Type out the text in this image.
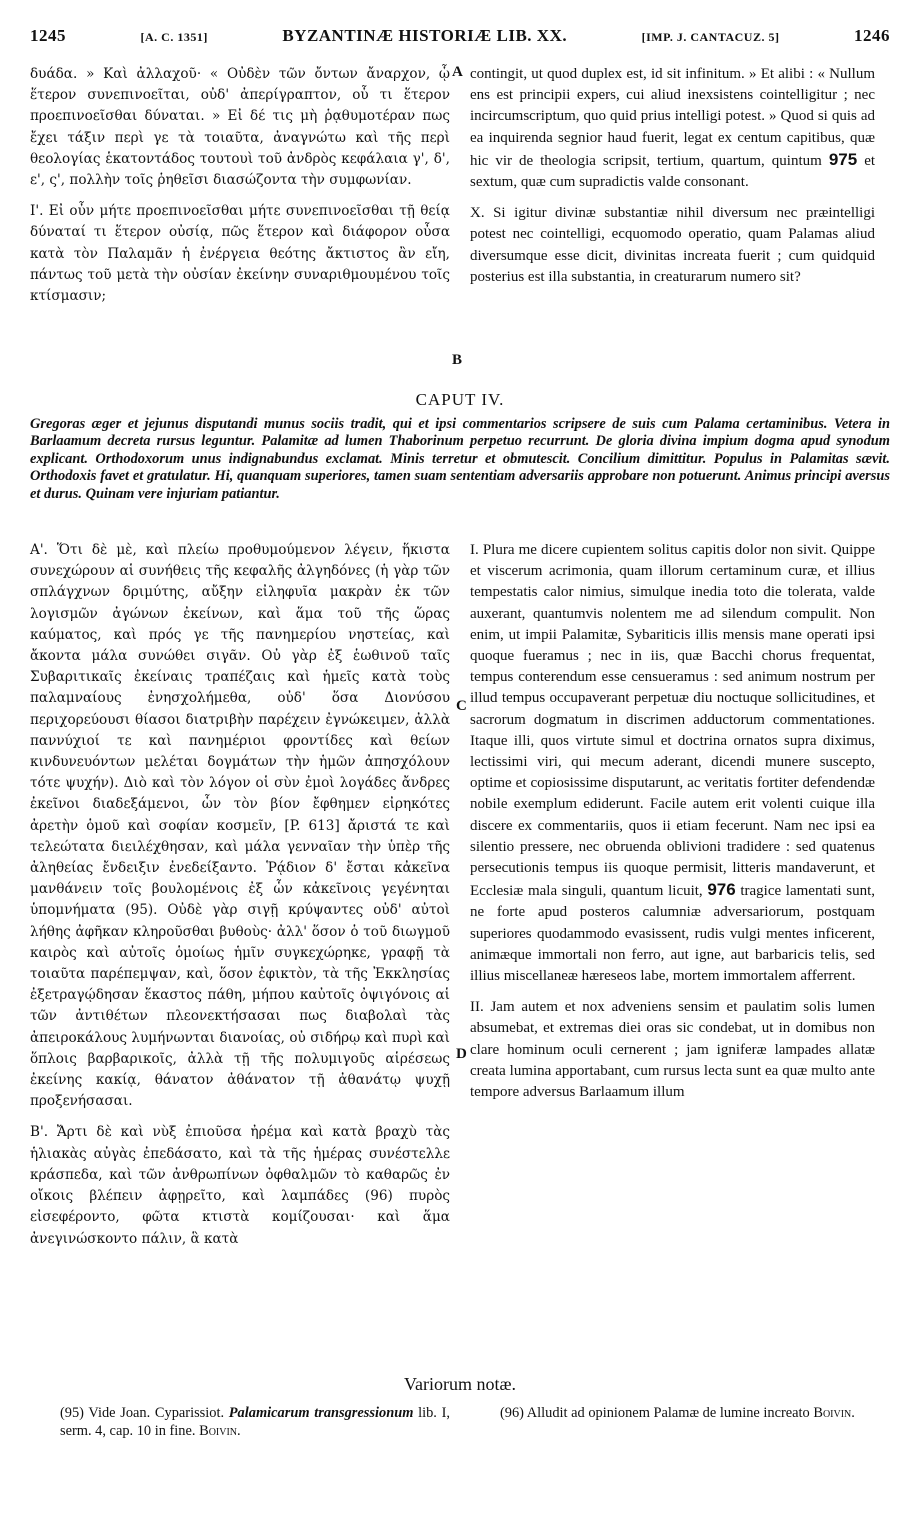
1245	[A. C. 1351]	BYZANTINÆ HISTORIÆ LIB. XX.	[IMP. J. CANTACUZ. 5]	1246

δυάδα. » Καὶ ἀλλαχοῦ· « Οὐδὲν τῶν ὄντων ἄναρχον, ᾧ ἕτερον συνεπινοεῖται, οὐδ' ἀπερίγραπτον, οὗ τι ἕτερον προεπινοεῖσθαι δύναται. » Εἰ δέ τις μὴ ῥᾳθυμοτέραν πως ἔχει τάξιν περὶ γε τὰ τοιαῦτα, ἀναγνώτω καὶ τῆς περὶ θεολογίας ἑκατοντάδος τουτουὶ τοῦ ἀνδρὸς κεφάλαια γ', δ', ε', ς', πολλὴν τοῖς ῥηθεῖσι διασώζοντα τὴν συμφωνίαν.

Ι'. Εἰ οὖν μήτε προεπινοεῖσθαι μήτε συνεπινοεῖσθαι τῇ θείᾳ δύναταί τι ἕτερον οὐσίᾳ, πῶς ἕτερον καὶ διάφορον οὖσα κατὰ τὸν Παλαμᾶν ἡ ἐνέργεια θεότης ἄκτιστος ἂν εἴη, πάντως τοῦ μετὰ τὴν οὐσίαν ἐκείνην συναριθμουμένου τοῖς κτίσμασιν;

contingit, ut quod duplex est, id sit infinitum. » Et alibi : « Nullum ens est principii expers, cui aliud inexsistens cointelligitur ; nec incircumscriptum, quo quid prius intelligi potest. » Quod si quis ad ea inquirenda segnior haud fuerit, legat ex centum capitibus, quæ hic vir de theologia scripsit, tertium, quartum, quintum 975 et sextum, quæ cum supradictis valde consonant.

X. Si igitur divinæ substantiæ nihil diversum nec præintelligi potest nec cointelligi, ecquomodo operatio, quam Palamas aliud diversumque esse dicit, divinitas increata fuerit ; cum quidquid posterius est illa substantia, in creaturarum numero sit?

A
B
CAPUT IV.
Gregoras æger et jejunus disputandi munus sociis tradit, qui et ipsi commentarios scripsere de suis cum Palama certaminibus. Vetera in Barlaamum decreta rursus leguntur. Palamitæ ad lumen Thaborinum perpetuo recurrunt. De gloria divina impium dogma apud synodum explicant. Orthodoxorum unus indignabundus exclamat. Minis terretur et obmutescit. Concilium dimittitur. Populus in Palamitas sævit. Orthodoxis favet et gratulatur. Hi, quanquam superiores, tamen suam sententiam adversariis approbare non potuerunt. Animus principi aversus et durus. Quinam vere injuriam patiantur.

Α'. Ὅτι δὲ μὲ, καὶ πλείω προθυμούμενον λέγειν, ἥκιστα συνεχώρουν αἱ συνήθεις τῆς κεφαλῆς ἀλγηδόνες (ἡ γὰρ τῶν σπλάγχνων δριμύτης, αὔξην εἰληφυῖα μακρὰν ἐκ τῶν λογισμῶν ἀγώνων ἐκείνων, καὶ ἅμα τοῦ τῆς ὥρας καύματος, καὶ πρός γε τῆς πανημερίου νηστείας, καὶ ἄκοντα μάλα συνώθει σιγᾶν. Οὐ γὰρ ἐξ ἑωθινοῦ ταῖς Συβαριτικαῖς ἐκείναις τραπέζαις καὶ ἡμεῖς κατὰ τοὺς παλαμναίους ἐνησχολήμεθα, οὐδ' ὅσα Διονύσου περιχορεύουσι θίασοι διατριβὴν παρέχειν ἐγνώκειμεν, ἀλλὰ παννύχιοί τε καὶ πανημέριοι φροντίδες καὶ θείων κινδυνευόντων μελέται δογμάτων τὴν ἡμῶν ἀπησχόλουν τότε ψυχήν). Διὸ καὶ τὸν λόγον οἱ σὺν ἐμοὶ λογάδες ἄνδρες ἐκεῖνοι διαδεξάμενοι, ὧν τὸν βίον ἔφθημεν εἰρηκότες ἀρετὴν ὁμοῦ καὶ σοφίαν κοσμεῖν, [P. 613] ἄριστά τε καὶ τελεώτατα διειλέχθησαν, καὶ μάλα γενναῖαν τὴν ὑπὲρ τῆς ἀληθείας ἔνδειξιν ἐνεδείξαντο. Ῥᾴδιον δ' ἔσται κἀκεῖνα μανθάνειν τοῖς βουλομένοις ἐξ ὧν κἀκεῖνοις γεγένηται ὑπομνήματα (95). Οὐδὲ γὰρ σιγῇ κρύψαντες οὐδ' αὐτοὶ λήθης ἀφῆκαν κληροῦσθαι βυθοὺς· ἀλλ' ὅσον ὁ τοῦ διωγμοῦ καιρὸς καὶ αὐτοῖς ὁμοίως ἡμῖν συγκεχώρηκε, γραφῇ τὰ τοιαῦτα παρέπεμψαν, καὶ, ὅσον ἐφικτὸν, τὰ τῆς Ἐκκλησίας ἐξετραγῴδησαν ἕκαστος πάθη, μήπου καὐτοῖς ὀψιγόνοις αἱ τῶν ἀντιθέτων πλεονεκτήσασαι πως διαβολαὶ τὰς ἀπειροκάλους λυμήνωνται διανοίας, οὐ σιδήρῳ καὶ πυρὶ καὶ ὅπλοις βαρβαρικοῖς, ἀλλὰ τῇ τῆς πολυμιγοῦς αἱρέσεως ἐκείνης κακίᾳ, θάνατον ἀθάνατον τῇ ἀθανάτῳ ψυχῇ προξενήσασαι.

Β'. Ἄρτι δὲ καὶ νὺξ ἐπιοῦσα ἠρέμα καὶ κατὰ βραχὺ τὰς ἡλιακὰς αὐγὰς ἐπεδάσατο, καὶ τὰ τῆς ἡμέρας συνέστελλε κράσπεδα, καὶ τῶν ἀνθρωπίνων ὀφθαλμῶν τὸ καθαρῶς ἐν οἴκοις βλέπειν ἀφῃρεῖτο, καὶ λαμπάδες (96) πυρὸς εἰσεφέροντο, φῶτα κτιστὰ κομίζουσαι· καὶ ἅμα ἀνεγινώσκοντο πάλιν, ἃ κατὰ

I. Plura me dicere cupientem solitus capitis dolor non sivit. Quippe et viscerum acrimonia, quam illorum certaminum curæ, et illius tempestatis calor nimius, simulque inedia toto die tolerata, valde auxerant, quantumvis nolentem me ad silendum compulit. Non enim, ut impii Palamitæ, Sybariticis illis mensis mane operati ipsi quoque fueramus ; nec in iis, quæ Bacchi chorus frequentat, tempus conterendum esse censueramus : sed animum nostrum per illud tempus occupaverant perpetuæ diu noctuque sollicitudines, et sacrorum dogmatum in discrimen adductorum commentationes. Itaque illi, quos virtute simul et doctrina ornatos supra diximus, lectissimi viri, qui mecum aderant, dicendi munere suscepto, optime et copiosissime disputarunt, ac veritatis fortiter defendendæ nobile exemplum ediderunt. Facile autem erit volenti cuique illa discere ex commentariis, quos ii etiam fecerunt. Nam nec ipsi ea silentio presserе, nec obruenda oblivioni tradidere : sed quatenus persecutionis tempus iis quoque permisit, litteris mandaverunt, et Ecclesiæ mala singuli, quantum licuit, 976 tragice lamentati sunt, ne forte apud posteros calumniæ adversariorum, postquam superiores quodammodo evasissent, rudis vulgi mentes inficerent, animæque immortali non ferro, aut igne, aut barbaricis telis, sed illius miscellaneæ hæreseos labe, mortem immortalem afferrent.

II. Jam autem et nox adveniens sensim et paulatim solis lumen absumebat, et extremas diei oras sic condebat, ut in domibus non clare hominum oculi cernerent ; jam igniferæ lampades allatæ creata lumina apportabant, cum rursus lecta sunt ea quæ multo ante tempore adversus Barlaamum illum

C
D
Variorum notæ.
(95) Vide Joan. Cyparissiot. Palamicarum transgressionum lib. I, serm. 4, cap. 10 in fine. Boivin.
(96) Alludit ad opinionem Palamæ de lumine increato Boivin.
